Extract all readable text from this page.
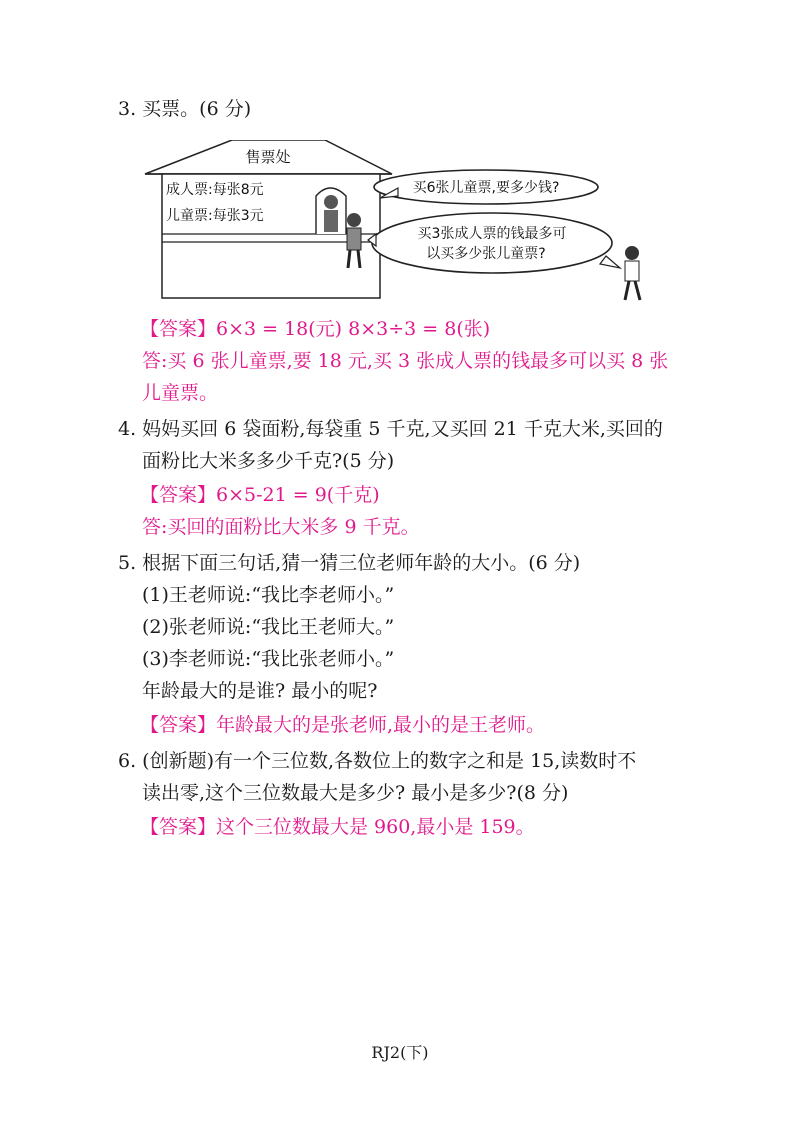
3. 买票。(6 分)
售票处
成人票:每张8元
儿童票:每张3元
买6张儿童票,要多少钱?
买3张成人票的钱最多可
以买多少张儿童票?
【答案】6×3 = 18(元) 8×3÷3 = 8(张)
答:买 6 张儿童票,要 18 元,买 3 张成人票的钱最多可以买 8 张
儿童票。
4. 妈妈买回 6 袋面粉,每袋重 5 千克,又买回 21 千克大米,买回的
面粉比大米多多少千克?(5 分)
【答案】6×5-21 = 9(千克)
答:买回的面粉比大米多 9 千克。
5. 根据下面三句话,猜一猜三位老师年龄的大小。(6 分)
(1)王老师说:“我比李老师小。”
(2)张老师说:“我比王老师大。”
(3)李老师说:“我比张老师小。”
年龄最大的是谁? 最小的呢?
【答案】年龄最大的是张老师,最小的是王老师。
6. (创新题)有一个三位数,各数位上的数字之和是 15,读数时不
读出零,这个三位数最大是多少? 最小是多少?(8 分)
【答案】这个三位数最大是 960,最小是 159。
RJ2(下)
